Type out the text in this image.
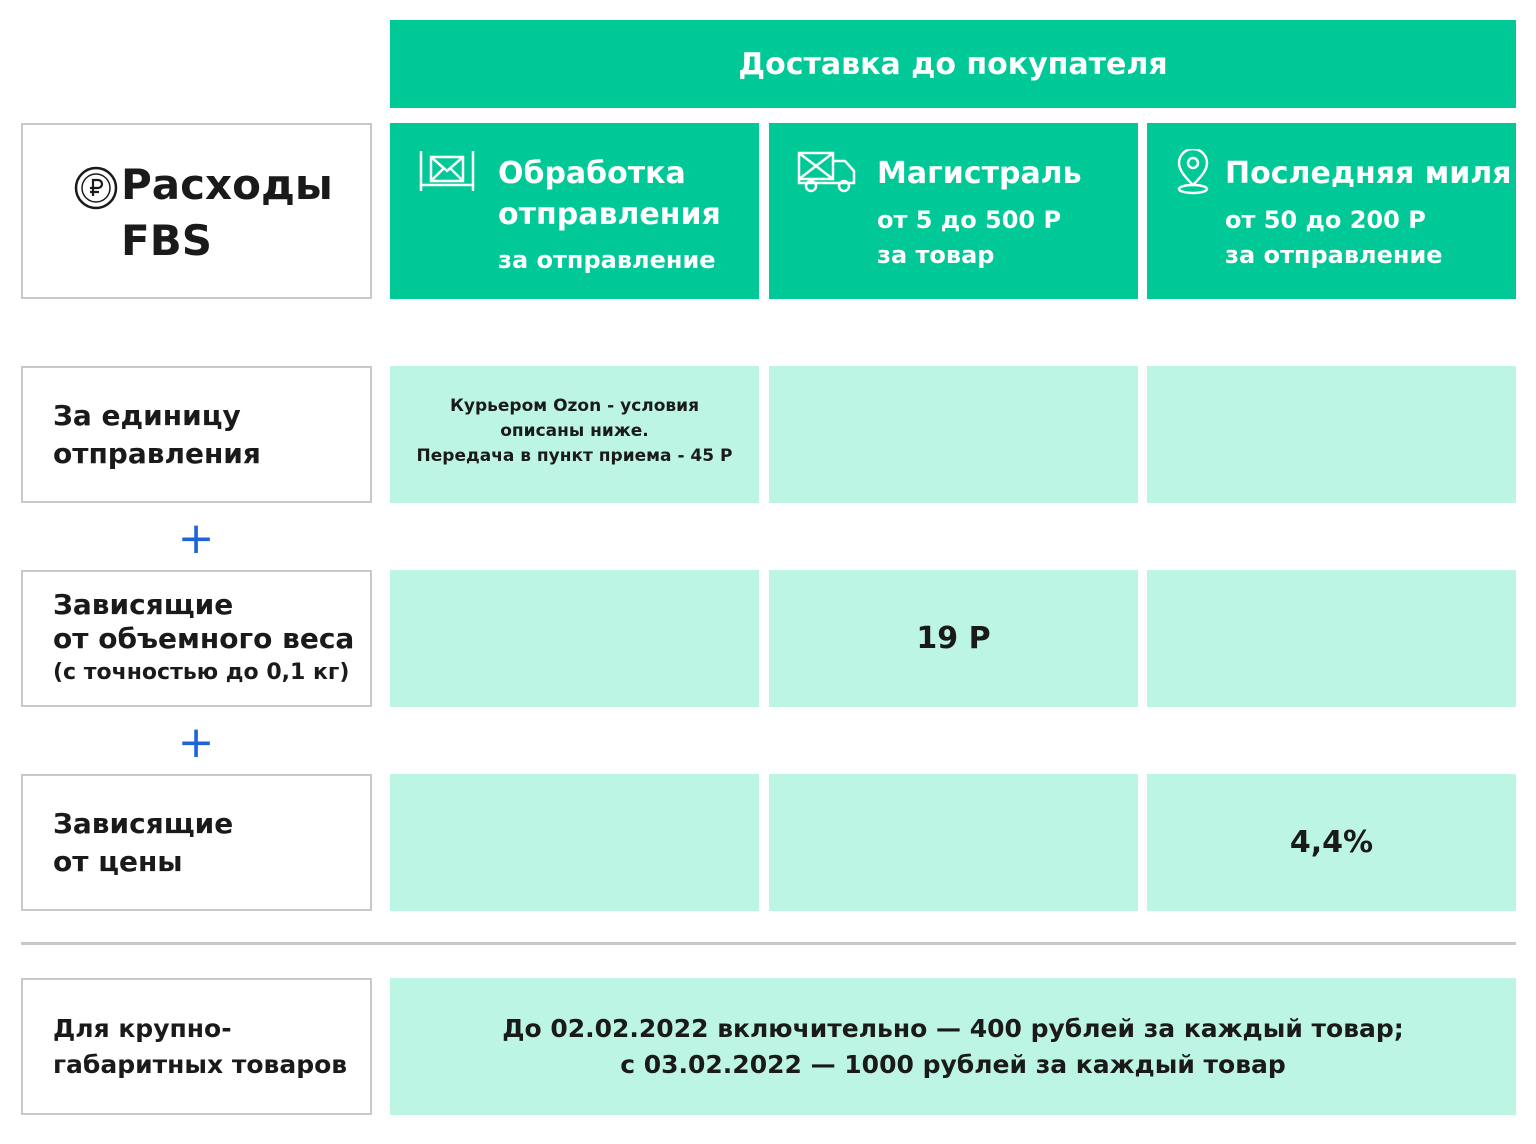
Доставка до покупателя
Расходы
FBS
Обработка
отправления
за отправление
Магистраль
от 5 до 500 Р
за товар
Последняя миля
от 50 до 200 Р
за отправление
За единицу
отправления
Курьером Ozon - условия
описаны ниже.
Передача в пункт приема - 45 Р
+
Зависящие
от объемного веса
(с точностью до 0,1 кг)
19 Р
+
Зависящие
от цены
4,4%
Для крупно-
габаритных товаров
До 02.02.2022 включительно — 400 рублей за каждый товар;
с 03.02.2022 — 1000 рублей за каждый товар
